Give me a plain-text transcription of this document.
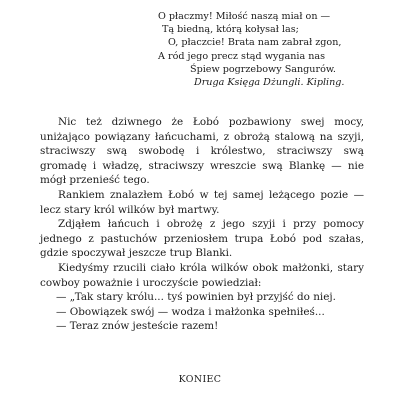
O płaczmy! Miłość naszą miał on —
Tą biedną, którą kołysał las;
O, płaczcie! Brata nam zabrał zgon,
A ród jego precz stąd wygania nas
Śpiew pogrzebowy Sangurów.
Druga Księga Dżungli. Kipling.

Nic też dziwnego że Łobó pozbawiony swej mocy, uniżająco powiązany łańcuchami, z obrożą stalową na szyji, straciwszy swą swobodę i królestwo, straciwszy swą gromadę i władzę, straciwszy wreszcie swą Blankę — nie mógł przenieść tego.

Rankiem znalazłem Łobó w tej samej leżącego pozie — lecz stary król wilków był martwy.

Zdjąłem łańcuch i obrożę z jego szyji i przy pomocy jednego z pastuchów przeniosłem trupa Łobó pod szałas, gdzie spoczywał jeszcze trup Blanki.

Kiedyśmy rzucili ciało króla wilków obok małżonki, stary cowboy poważnie i uroczyście powiedział:

— „Tak stary królu... tyś powinien był przyjść do niej.

— Obowiązek swój — wodza i małżonka spełniłeś...

— Teraz znów jesteście razem!

KONIEC
